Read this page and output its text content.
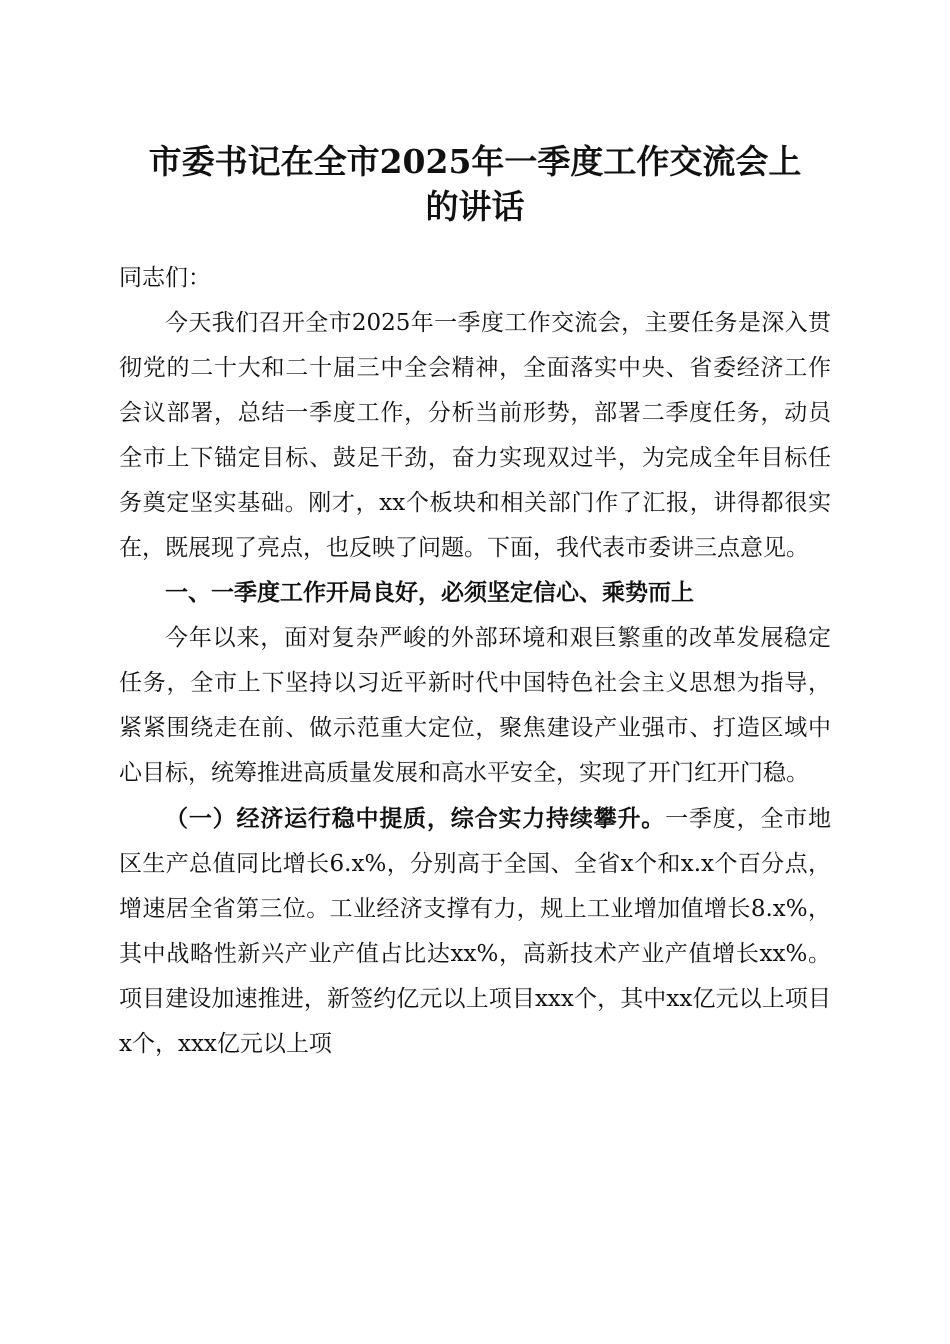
市委书记在全市2025年一季度工作交流会上
的讲话

同志们：

今天我们召开全市2025年一季度工作交流会，主要任务是深入贯彻党的二十大和二十届三中全会精神，全面落实中央、省委经济工作会议部署，总结一季度工作，分析当前形势，部署二季度任务，动员全市上下锚定目标、鼓足干劲，奋力实现双过半，为完成全年目标任务奠定坚实基础。刚才，xx个板块和相关部门作了汇报，讲得都很实在，既展现了亮点，也反映了问题。下面，我代表市委讲三点意见。

一、一季度工作开局良好，必须坚定信心、乘势而上

今年以来，面对复杂严峻的外部环境和艰巨繁重的改革发展稳定任务，全市上下坚持以习近平新时代中国特色社会主义思想为指导，紧紧围绕走在前、做示范重大定位，聚焦建设产业强市、打造区域中心目标，统筹推进高质量发展和高水平安全，实现了开门红开门稳。

（一）经济运行稳中提质，综合实力持续攀升。一季度，全市地区生产总值同比增长6.x%，分别高于全国、全省x个和x.x个百分点，增速居全省第三位。工业经济支撑有力，规上工业增加值增长8.x%，其中战略性新兴产业产值占比达xx%，高新技术产业产值增长xx%。项目建设加速推进，新签约亿元以上项目xxx个，其中xx亿元以上项目x个，xxx亿元以上项
